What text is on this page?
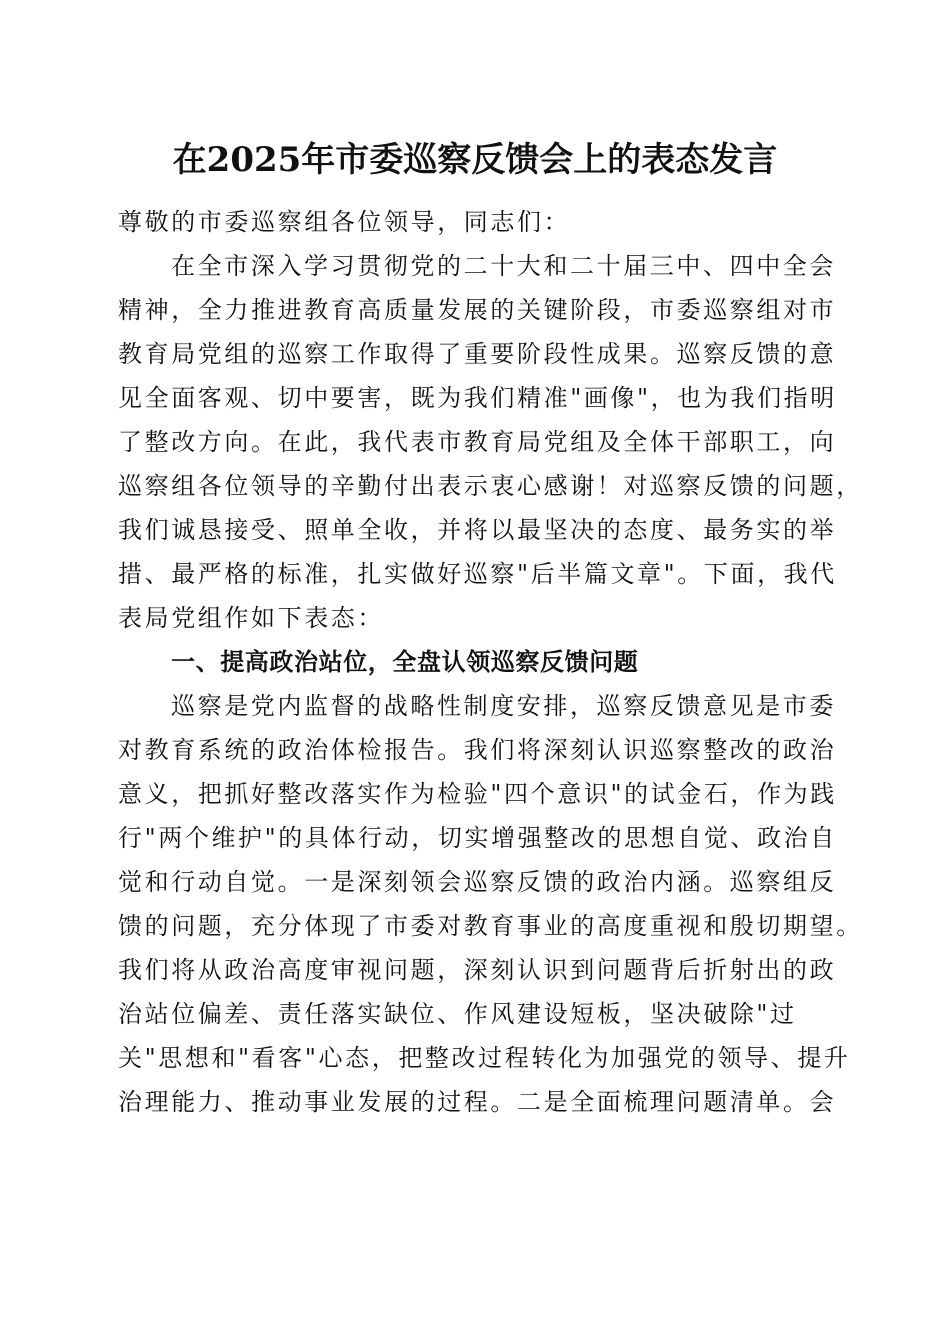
在2025年市委巡察反馈会上的表态发言
尊敬的市委巡察组各位领导，同志们：
在全市深入学习贯彻党的二十大和二十届三中、四中全会
精神，全力推进教育高质量发展的关键阶段，市委巡察组对市
教育局党组的巡察工作取得了重要阶段性成果。巡察反馈的意
见全面客观、切中要害，既为我们精准"画像"，也为我们指明
了整改方向。在此，我代表市教育局党组及全体干部职工，向
巡察组各位领导的辛勤付出表示衷心感谢！对巡察反馈的问题，
我们诚恳接受、照单全收，并将以最坚决的态度、最务实的举
措、最严格的标准，扎实做好巡察"后半篇文章"。下面，我代
表局党组作如下表态：
一、提高政治站位，全盘认领巡察反馈问题
巡察是党内监督的战略性制度安排，巡察反馈意见是市委
对教育系统的政治体检报告。我们将深刻认识巡察整改的政治
意义，把抓好整改落实作为检验"四个意识"的试金石，作为践
行"两个维护"的具体行动，切实增强整改的思想自觉、政治自
觉和行动自觉。一是深刻领会巡察反馈的政治内涵。巡察组反
馈的问题，充分体现了市委对教育事业的高度重视和殷切期望。
我们将从政治高度审视问题，深刻认识到问题背后折射出的政
治站位偏差、责任落实缺位、作风建设短板，坚决破除"过
关"思想和"看客"心态，把整改过程转化为加强党的领导、提升
治理能力、推动事业发展的过程。二是全面梳理问题清单。会
